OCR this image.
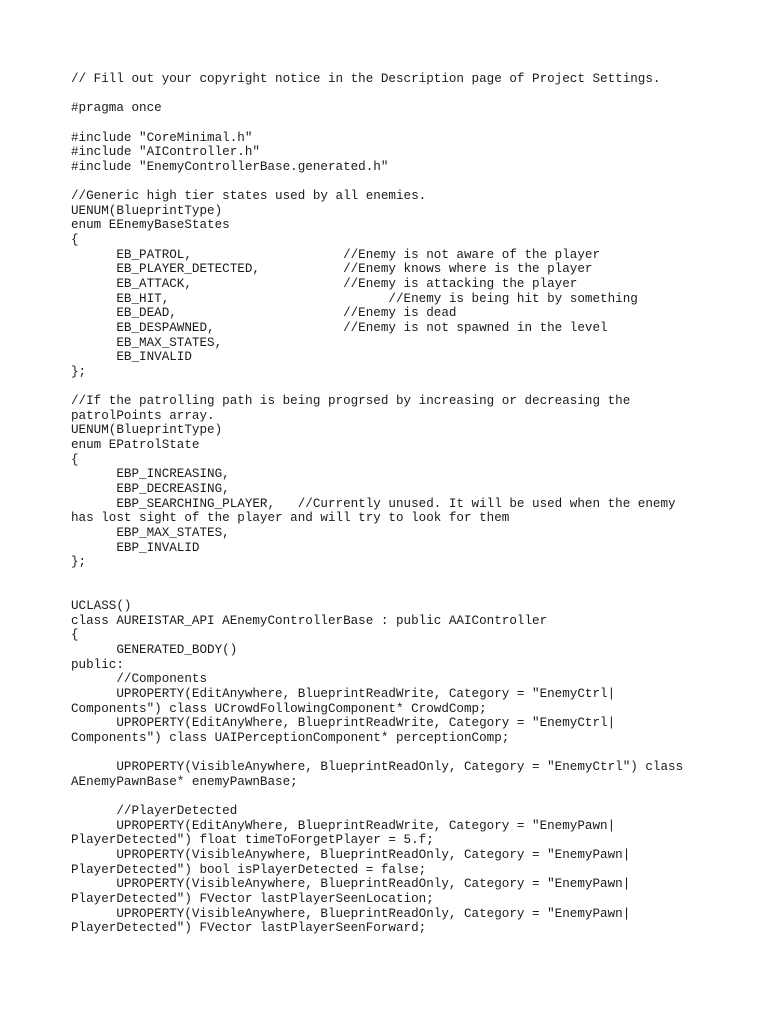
// Fill out your copyright notice in the Description page of Project Settings.
#pragma once
#include "CoreMinimal.h"
#include "AIController.h"
#include "EnemyControllerBase.generated.h"
//Generic high tier states used by all enemies.
UENUM(BlueprintType)
enum EEnemyBaseStates
{
EB_PATROL,                    //Enemy is not aware of the player
EB_PLAYER_DETECTED,           //Enemy knows where is the player
EB_ATTACK,                    //Enemy is attacking the player
EB_HIT,                             //Enemy is being hit by something
EB_DEAD,                      //Enemy is dead
EB_DESPAWNED,                 //Enemy is not spawned in the level
EB_MAX_STATES,
EB_INVALID
};
//If the patrolling path is being progrsed by increasing or decreasing the
patrolPoints array.
UENUM(BlueprintType)
enum EPatrolState
{
EBP_INCREASING,
EBP_DECREASING,
EBP_SEARCHING_PLAYER,   //Currently unused. It will be used when the enemy
has lost sight of the player and will try to look for them
EBP_MAX_STATES,
EBP_INVALID
};
UCLASS()
class AUREISTAR_API AEnemyControllerBase : public AAIController
{
GENERATED_BODY()
public:
//Components
UPROPERTY(EditAnywhere, BlueprintReadWrite, Category = "EnemyCtrl|
Components") class UCrowdFollowingComponent* CrowdComp;
UPROPERTY(EditAnyWhere, BlueprintReadWrite, Category = "EnemyCtrl|
Components") class UAIPerceptionComponent* perceptionComp;
UPROPERTY(VisibleAnywhere, BlueprintReadOnly, Category = "EnemyCtrl") class
AEnemyPawnBase* enemyPawnBase;
//PlayerDetected
UPROPERTY(EditAnyWhere, BlueprintReadWrite, Category = "EnemyPawn|
PlayerDetected") float timeToForgetPlayer = 5.f;
UPROPERTY(VisibleAnywhere, BlueprintReadOnly, Category = "EnemyPawn|
PlayerDetected") bool isPlayerDetected = false;
UPROPERTY(VisibleAnywhere, BlueprintReadOnly, Category = "EnemyPawn|
PlayerDetected") FVector lastPlayerSeenLocation;
UPROPERTY(VisibleAnywhere, BlueprintReadOnly, Category = "EnemyPawn|
PlayerDetected") FVector lastPlayerSeenForward;
